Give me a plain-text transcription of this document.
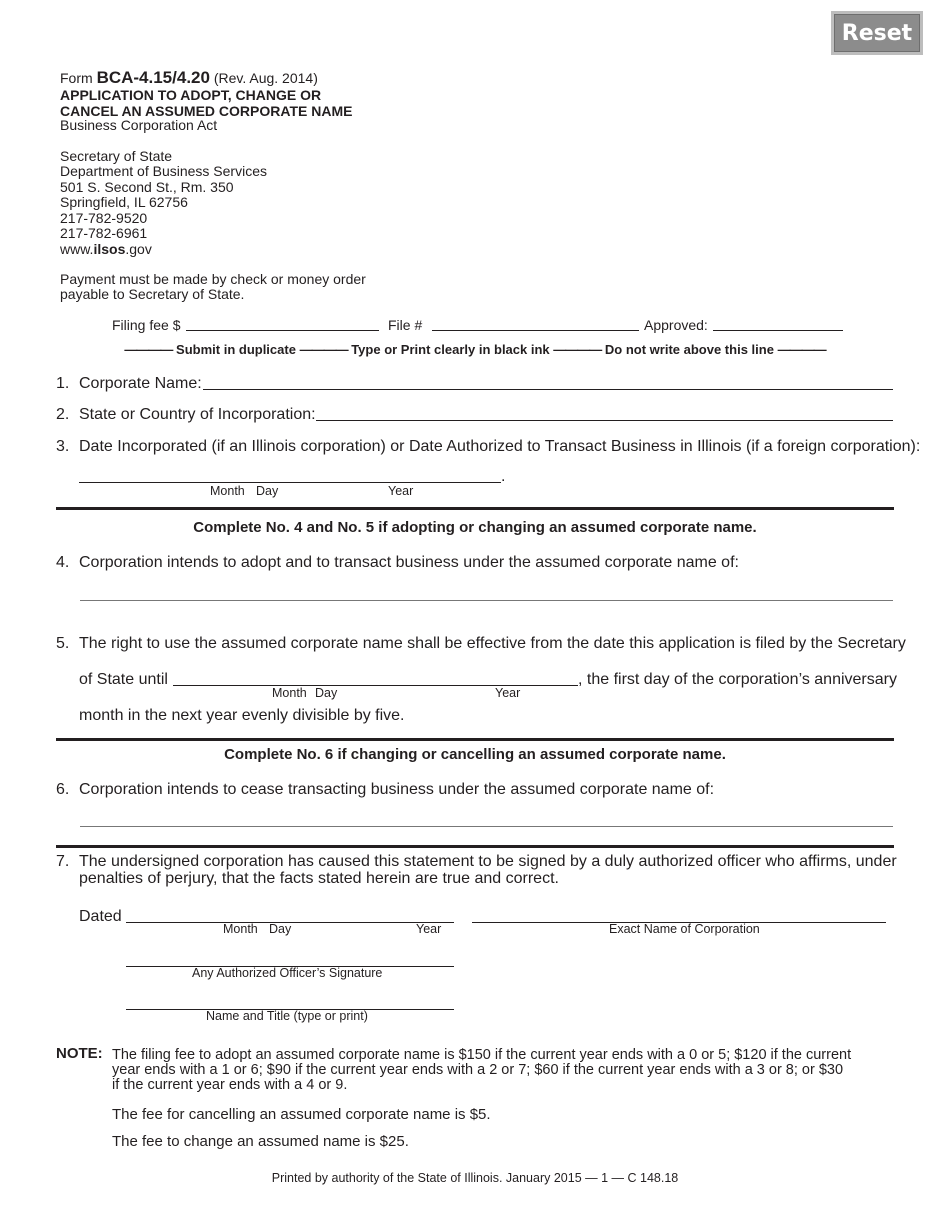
Reset
Form BCA-4.15/4.20 (Rev. Aug. 2014)
APPLICATION TO ADOPT, CHANGE OR
CANCEL AN ASSUMED CORPORATE NAME
Business Corporation Act
Secretary of State
Department of Business Services
501 S. Second St., Rm. 350
Springfield, IL 62756
217-782-9520
217-782-6961
www.ilsos.gov
Payment must be made by check or money order
payable to Secretary of State.
Filing fee $	File #	Approved:
———— Submit in duplicate ———— Type or Print clearly in black ink ———— Do not write above this line ————
1. Corporate Name:
2. State or Country of Incorporation:
3. Date Incorporated (if an Illinois corporation) or Date Authorized to Transact Business in Illinois (if a foreign corporation):
.
Month Day	Year
Complete No. 4 and No. 5 if adopting or changing an assumed corporate name.
4. Corporation intends to adopt and to transact business under the assumed corporate name of:
5. The right to use the assumed corporate name shall be effective from the date this application is filed by the Secretary
of State until	, the first day of the corporation’s anniversary
Month Day	Year
month in the next year evenly divisible by five.
Complete No. 6 if changing or cancelling an assumed corporate name.
6. Corporation intends to cease transacting business under the assumed corporate name of:
7. The undersigned corporation has caused this statement to be signed by a duly authorized officer who affirms, under
penalties of perjury, that the facts stated herein are true and correct.
Dated
Month Day	Year	Exact Name of Corporation
Any Authorized Officer’s Signature
Name and Title (type or print)
NOTE: The filing fee to adopt an assumed corporate name is $150 if the current year ends with a 0 or 5; $120 if the current
year ends with a 1 or 6; $90 if the current year ends with a 2 or 7; $60 if the current year ends with a 3 or 8; or $30
if the current year ends with a 4 or 9.
The fee for cancelling an assumed corporate name is $5.
The fee to change an assumed name is $25.
Printed by authority of the State of Illinois. January 2015 — 1 — C 148.18
